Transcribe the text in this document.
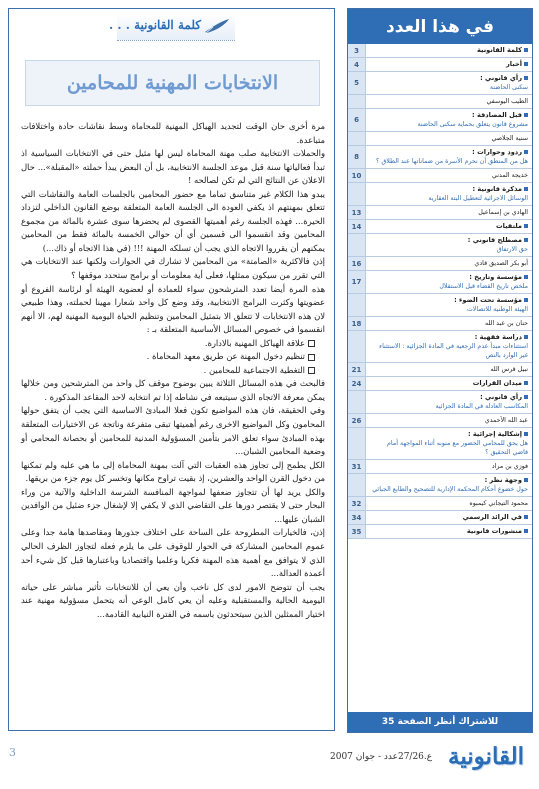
كلمة القانونية . . .
الانتخابات المهنية للمحامين

مرة أخرى حان الوقت لتجديد الهياكل المهنية للمحاماة وسط نقاشات حادة واختلافات متباعدة.

والحملات الانتخابية صلب مهنة المحاماة ليس لها مثيل حتى في الانتخابات السياسية اذ تبدأ فعالياتها سنة قبل موعد الجلسة الانتخابية، بل أن البعض يبدأ حملته «المقبلة»... حال الاعلان عن النتائج التي لم تكن لصالحه !

يبدو هذا الكلام غير متناسق تماما مع حضور المحامين بالجلسات العامة والنقاشات التي تتعلق بمهنتهم اذ يكفي العودة الى الجلسة العامة المتعلقة بوضع القانون الداخلي لتزداد الحيرة... فهذه الجلسة رغم أهميتها القصوى لم يحضرها سوى عشرة بالمائة من مجموع المحامين وقد انقسموا الى قسمين أي أن حوالي الخمسة بالمائة فقط من المحامين يمكنهم أن يقرروا الاتجاه الذي يجب أن تسلكه المهنة !!! (في هذا الاتجاه أو ذاك...)

إذن فالاكثرية «الصامتة» من المحامين لا تشارك في الحوارات ولكنها عند الانتخابات هي التي تقرر من سيكون ممثلها، فعلى أية معلومات أو برامج ستحدد موقفها ؟

هذه المرة أيضا تعدد المترشحون سواء للعمادة أو لعضوية الهيئة أو لرئاسة الفروع أو عضويتها وكثرت البرامج الانتخابية، وقد وضع كل واحد شعارا مهينا لحملته، وهذا طبيعي لان هذه الانتخابات لا تتعلق الا بتمثيل المحامين وتنظيم الحياة اليومية المهنية لهم، الا أنهم انقسموا في خصوص المسائل الأساسية المتعلقة بـ :

علاقة الهياكل المهنية بالادارة.
تنظيم دخول المهنة عن طريق معهد المحاماة .
التغطية الاجتماعية للمحامين .

فالبحث في هذه المسائل الثلاثة يبين بوضوح موقف كل واحد من المترشحين ومن خلالها يمكن معرفة الاتجاه الذي سيتبعه في نشاطه إذا تم انتخابه لاحد المقاعد المذكورة .

وفي الحقيقة، فان هذه المواضيع تكون فعلا المبادئ الاساسية التي يجب أن يتفق حولها المحامون وكل المواضيع الاخرى رغم أهميتها تبقى متفرعة وناتجة عن الاختيارات المتعلقة بهذه المبادئ سواء تعلق الامر بتأمين المسؤولية المدنية للمحامين أو بحصانة المحامي أو وضعية المحامين الشبان...

الكل يطمح إلى تجاوز هذه العقبات التي آلت بمهنة المحاماة إلى ما هي عليه ولم تمكنها من دخول القرن الواحد والعشرين، إذ بقيت تراوح مكانها وتخسر كل يوم جزء من بريقها.

والكل يريد لها أن تتجاوز ضعفها لمواجهة المنافسة الشرسة الداخلية والآتية من وراء البحار حتى لا يقتصر دورها على التقاضي الذي لا يكفي إلا لإشغال جزء ضئيل من الوافدين الشبان عليها...

إذن، فالخيارات المطروحة على الساحة على اختلاف جذورها ومقاصدها هامة جدا وعلى عموم المحامين المشاركة في الحوار للوقوف على ما يلزم فعله لتجاوز الظرف الحالي الذي لا يتوافق مع أهمية هذه المهنة فكريا وعلميا واقتصاديا وباعتبارها قبل كل شيء أحد أعمدة العدالة...

يجب أن تتوضح الامور لدى كل ناخب وأن يعي أن للانتخابات تأثير مباشر على حياته اليومية الحالية والمستقبلية وعليه أن يعي كامل الوعي أنه يتحمل مسؤولية مهنية عند اختيار الممثلين الذين سيتحدثون باسمه في الفترة النيابية القادمة...

في هذا العدد
كلمة القانونية
3
أخبار
4
رأي قانوني :
سكنى الحاضنة
5
الطيب اليوسفي
قبل المصادقة :
مشروع قانون يتعلق بحماية سكنى الحاضنة
6
سنية الجلاصي
ردود وحوارات :
هل من المنطق أن نحرم الأسرة من ضماناتها عند الطلاق ؟
8
خديجة المدني
10
مذكرة قانونية :
الوسائل الاجرائية لتعطيل البتة العقارية
الهادي بن إسماعيل
13
ملتقيات
14
مصطلح قانوني :
حق الارتفاق
أبو بكر الصديق قادي
16
مؤسسة وتاريخ :
ملخص تاريخ القضاء قبل الاستقلال
17
مؤسسة تحت الضوء :
الهيئة الوطنية للاتصالات
حنان بن عبد الله
18
دراسة فقهية :
استثناءات مبدأ عدم الرجعية في المادة الجزائية : الاستثناء غير الوارد بالنص
نبيل قرس الله
21
ميدان القرارات
24
رأي قانوني :
المكاسب العادلة في المادة الجزائية
عبد الله الأحمدي
26
إشكالية إجرائية :
هل يحق للمحامي الحضور مع منوبه أثناء المواجهة أمام قاضي التحقيق ؟
فوزي بن مراد
31
وجهة نظر :
حول خضوع أحكام المحكمة الإدارية للتصحيح والطابع الجبائي
محمود التيجاني كيمبوه
32
في الرائد الرسمي
34
منشورات قانونية
35
للاشتراك أنظر الصفحة 35
3	ع.27/26عدد - جوان 2007 القانونية
